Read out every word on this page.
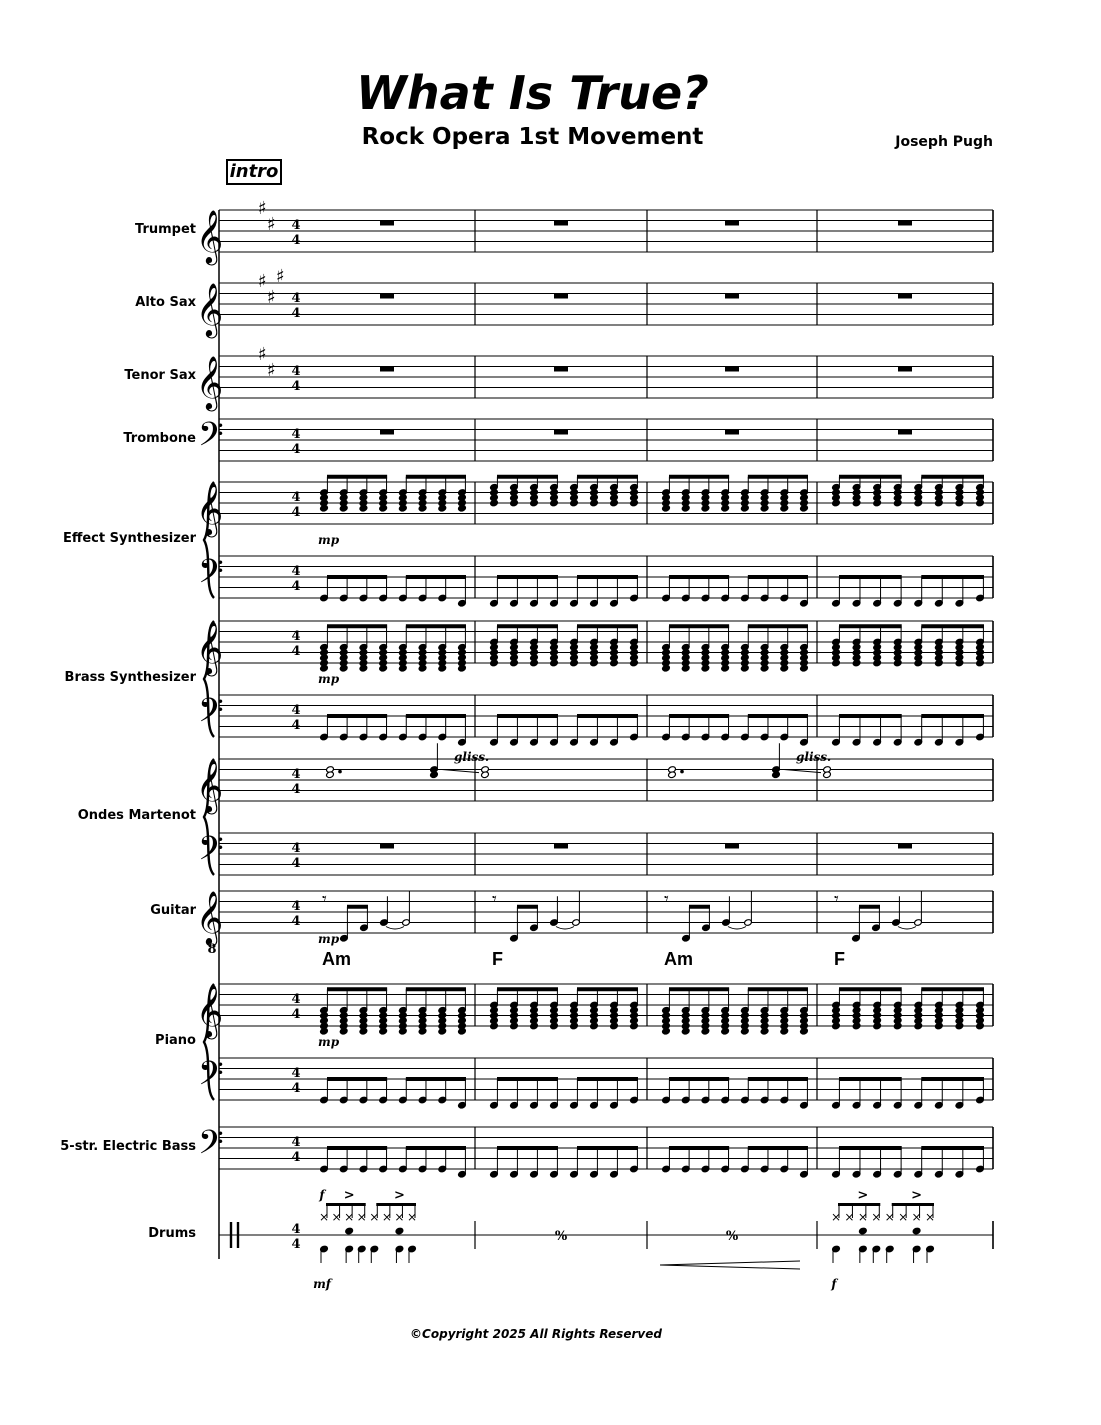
What Is True?
Rock Opera 1st Movement	Joseph Pugh
intro
Trumpet
Alto Sax
Tenor Sax
Trombone
Effect Synthesizer
Brass Synthesizer
Ondes Martenot
Guitar
Piano
5-str. Electric Bass
Drums
𝄞
♯
♯ 4
4
𝄞
♯
♯
♯
4
4
𝄞
♯
♯ 4
4
𝄢	4
4
𝄞	4
4
𝄢	4
4
𝄞	4
4
𝄢	4
4
𝄞	4
4
𝄢	4
4
𝄞
8
4
4
𝄞	4
4
𝄢	4
4
𝄢	4
4
4
4
mp
mp
mp
gliss.	gliss.
𝄾
Am
𝄾
F
𝄾
Am
𝄾
F
mp
× × × ×
>
× × × ×
>
× × × ×
>
× × × ×
>
%	%
f
mf	f
©Copyright 2025 All Rights Reserved
